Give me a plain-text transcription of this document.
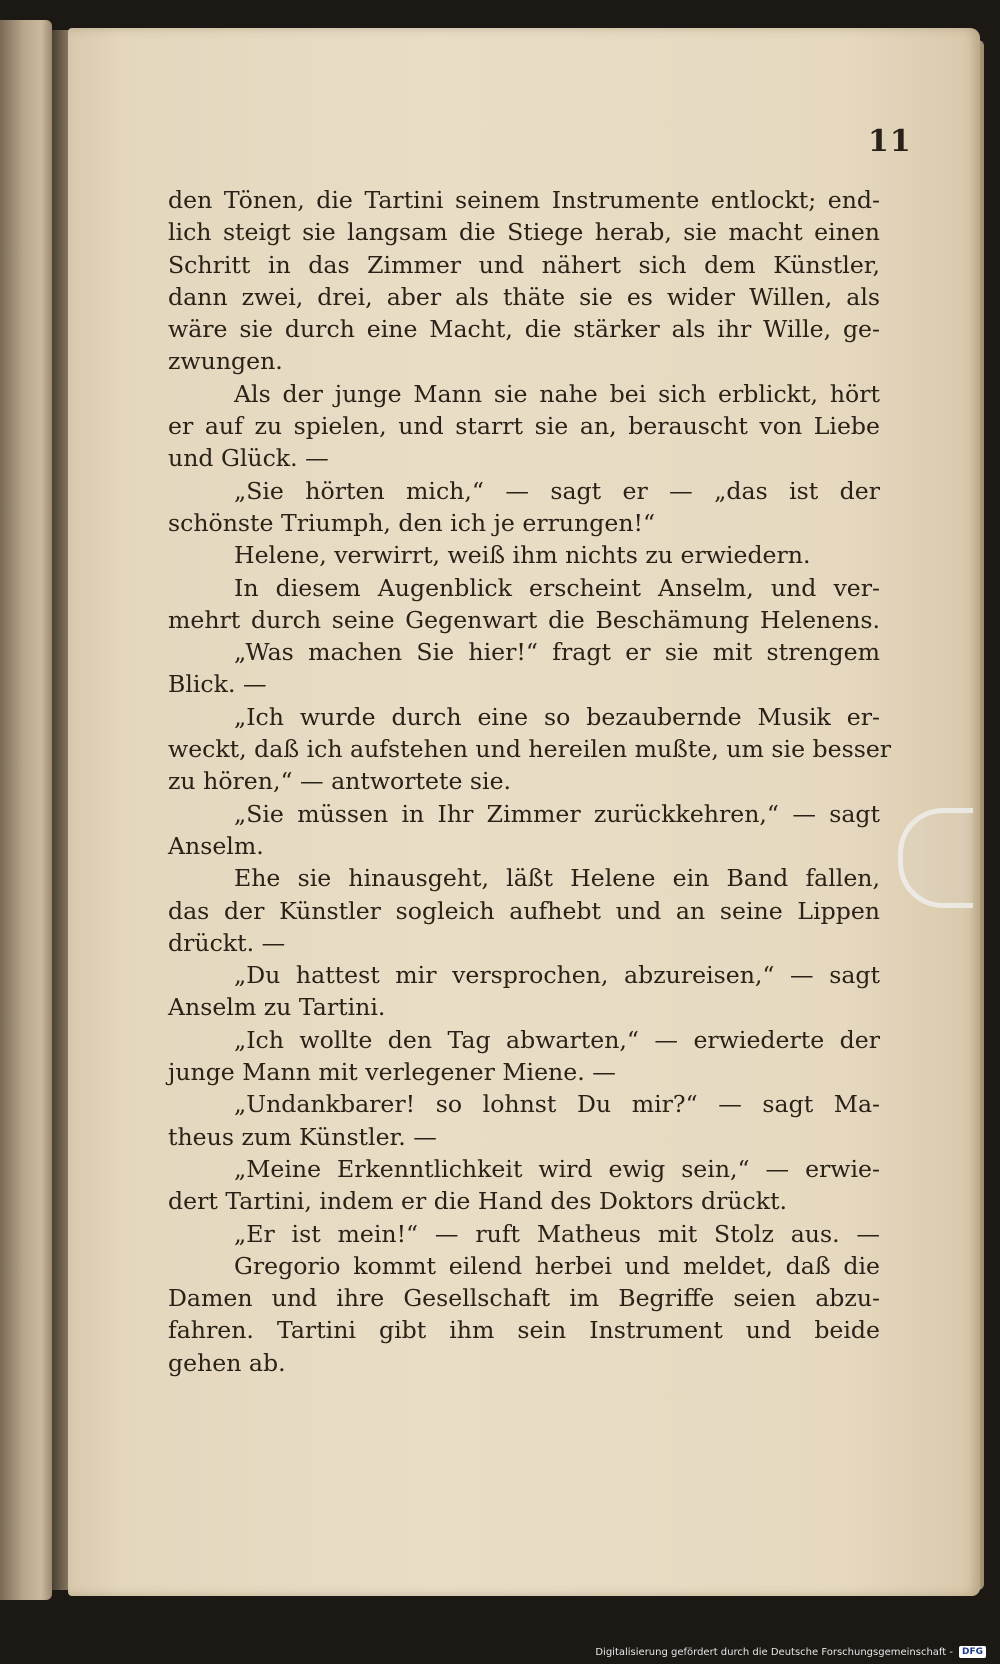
11
den Tönen, die Tartini seinem Instrumente entlockt; end-
lich steigt sie langsam die Stiege herab, sie macht einen
Schritt in das Zimmer und nähert sich dem Künstler,
dann zwei, drei, aber als thäte sie es wider Willen, als
wäre sie durch eine Macht, die stärker als ihr Wille, ge-
zwungen.
Als der junge Mann sie nahe bei sich erblickt, hört
er auf zu spielen, und starrt sie an, berauscht von Liebe
und Glück. —
„Sie hörten mich,“ — sagt er — „das ist der
schönste Triumph, den ich je errungen!“
Helene, verwirrt, weiß ihm nichts zu erwiedern.
In diesem Augenblick erscheint Anselm, und ver-
mehrt durch seine Gegenwart die Beschämung Helenens.
„Was machen Sie hier!“ fragt er sie mit strengem
Blick. —
„Ich wurde durch eine so bezaubernde Musik er-
weckt, daß ich aufstehen und hereilen mußte, um sie besser
zu hören,“ — antwortete sie.
„Sie müssen in Ihr Zimmer zurückkehren,“ — sagt
Anselm.
Ehe sie hinausgeht, läßt Helene ein Band fallen,
das der Künstler sogleich aufhebt und an seine Lippen
drückt. —
„Du hattest mir versprochen, abzureisen,“ — sagt
Anselm zu Tartini.
„Ich wollte den Tag abwarten,“ — erwiederte der
junge Mann mit verlegener Miene. —
„Undankbarer! so lohnst Du mir?“ — sagt Ma-
theus zum Künstler. —
„Meine Erkenntlichkeit wird ewig sein,“ — erwie-
dert Tartini, indem er die Hand des Doktors drückt.
„Er ist mein!“ — ruft Matheus mit Stolz aus. —
Gregorio kommt eilend herbei und meldet, daß die
Damen und ihre Gesellschaft im Begriffe seien abzu-
fahren. Tartini gibt ihm sein Instrument und beide
gehen ab.
Digitalisierung gefördert durch die Deutsche Forschungsgemeinschaft -	DFG
